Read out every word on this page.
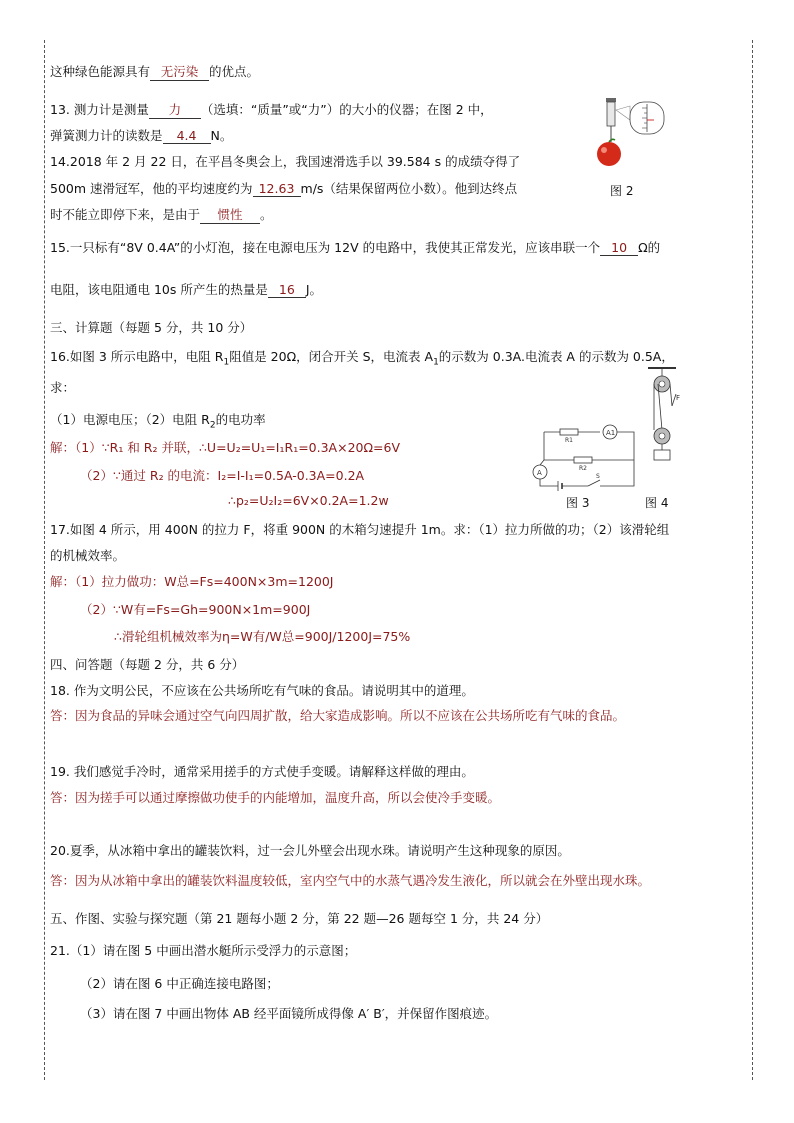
这种绿色能源具有 无污染 的优点。
13. 测力计是测量 力 （选填：“质量”或“力”）的大小的仪器；在图 2 中，
弹簧测力计的读数是 4.4 N。
图 2
14.2018 年 2 月 22 日，在平昌冬奥会上，我国速滑选手以 39.584 s 的成绩夺得了
500m 速滑冠军，他的平均速度约为 12.63 m/s（结果保留两位小数）。他到达终点
时不能立即停下来，是由于 惯性 。
15.一只标有“8V 0.4A”的小灯泡，接在电源电压为 12V 的电路中，我使其正常发光，应该串联一个 10 Ω的
电阻，该电阻通电 10s 所产生的热量是 16 J。
三、计算题（每题 5 分，共 10 分）
16.如图 3 所示电路中，电阻 $R_1$阻值是 20Ω，闭合开关 S，电流表 $A_1$的示数为 0.3A.电流表 A 的示数为 0.5A，
求：
（1）电源电压；（2）电阻 $R_2$的电功率
解：（1）∵R₁ 和 R₂ 并联，∴U=U₂=U₁=I₁R₁=0.3A×20Ω=6V
（2）∵通过 R₂ 的电流：I₂=I-I₁=0.5A-0.3A=0.2A
∴p₂=U₂I₂=6V×0.2A=1.2w
R1
A1
R2
A	S
图 3
F
图 4
17.如图 4 所示，用 400N 的拉力 F，将重 900N 的木箱匀速提升 1m。求：（1）拉力所做的功；（2）该滑轮组
的机械效率。
解：（1）拉力做功：W总=Fs=400N×3m=1200J
（2）∵W有=Fs=Gh=900N×1m=900J
∴滑轮组机械效率为η=W有/W总=900J/1200J=75%
四、问答题（每题 2 分，共 6 分）
18. 作为文明公民，不应该在公共场所吃有气味的食品。请说明其中的道理。
答：因为食品的异味会通过空气向四周扩散，给大家造成影响。所以不应该在公共场所吃有气味的食品。
19. 我们感觉手冷时，通常采用搓手的方式使手变暖。请解释这样做的理由。
答：因为搓手可以通过摩擦做功使手的内能增加，温度升高，所以会使冷手变暖。
20.夏季，从冰箱中拿出的罐装饮料，过一会儿外壁会出现水珠。请说明产生这种现象的原因。
答：因为从冰箱中拿出的罐装饮料温度较低，室内空气中的水蒸气遇冷发生液化，所以就会在外壁出现水珠。
五、作图、实验与探究题（第 21 题每小题 2 分，第 22 题—26 题每空 1 分，共 24 分）
21.（1）请在图 5 中画出潜水艇所示受浮力的示意图；
（2）请在图 6 中正确连接电路图；
（3）请在图 7 中画出物体 AB 经平面镜所成得像 A′ B′，并保留作图痕迹。
